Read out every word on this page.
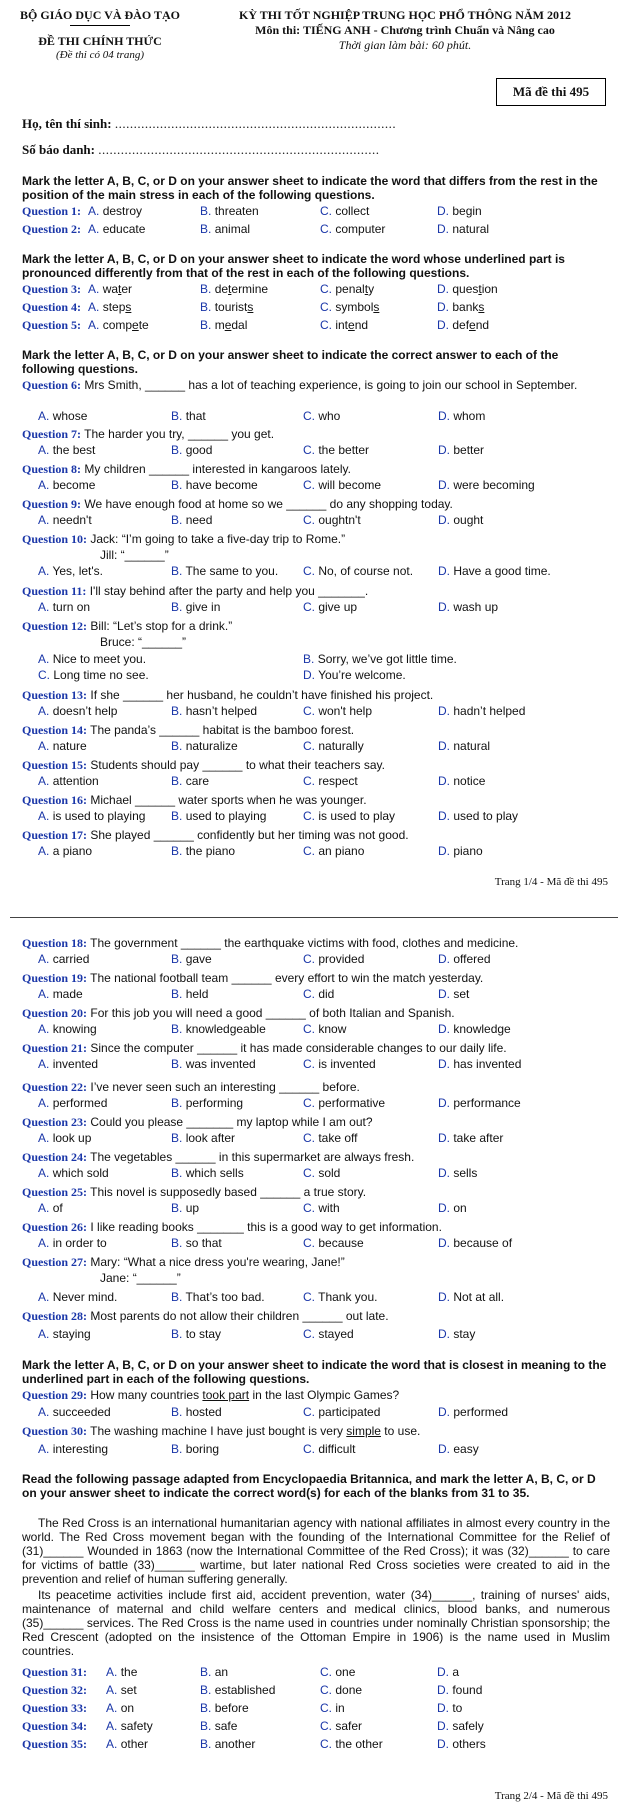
BỘ GIÁO DỤC VÀ ĐÀO TẠO
ĐỀ THI CHÍNH THỨC
(Đề thi có 04 trang)
KỲ THI TỐT NGHIỆP TRUNG HỌC PHỔ THÔNG NĂM 2012
Môn thi: TIẾNG ANH - Chương trình Chuẩn và Nâng cao
Thời gian làm bài: 60 phút.
Mã đề thi 495
Họ, tên thí sinh: ...........................................................................
Số báo danh: ...........................................................................
Mark the letter A, B, C, or D on your answer sheet to indicate the word that differs from the rest in the position of the main stress in each of the following questions.
Question 1: A. destroy	B. threaten	C. collect	D. begin
Question 2: A. educate	B. animal	C. computer	D. natural
Mark the letter A, B, C, or D on your answer sheet to indicate the word whose underlined part is pronounced differently from that of the rest in each of the following questions.
Question 3: A. water	B. determine	C. penalty	D. question
Question 4: A. steps	B. tourists	C. symbols	D. banks
Question 5: A. compete	B. medal	C. intend	D. defend
Mark the letter A, B, C, or D on your answer sheet to indicate the correct answer to each of the following questions.
Question 6: Mrs Smith, ______ has a lot of teaching experience, is going to join our school in September.
A. whose	B. that	C. who	D. whom
Question 7: The harder you try, ______ you get.
A. the best	B. good	C. the better	D. better
Question 8: My children ______ interested in kangaroos lately.
A. become	B. have become	C. will become	D. were becoming
Question 9: We have enough food at home so we ______ do any shopping today.
A. needn't	B. need	C. oughtn't	D. ought
Question 10: Jack: “I’m going to take a five-day trip to Rome.”
Jill: “______”
A. Yes, let's.	B. The same to you. C. No, of course not. D. Have a good time.
Question 11: I'll stay behind after the party and help you _______.
A. turn on	B. give in	C. give up	D. wash up
Question 12: Bill: “Let’s stop for a drink.”
Bruce: “______”
A. Nice to meet you.	B. Sorry, we’ve got little time.
C. Long time no see.	D. You’re welcome.
Question 13: If she ______ her husband, he couldn’t have finished his project.
A. doesn’t help	B. hasn’t helped	C. won't help	D. hadn’t helped
Question 14: The panda’s ______ habitat is the bamboo forest.
A. nature	B. naturalize	C. naturally	D. natural
Question 15: Students should pay ______ to what their teachers say.
A. attention	B. care	C. respect	D. notice
Question 16: Michael ______ water sports when he was younger.
A. is used to playing B. used to playing	C. is used to play	D. used to play
Question 17: She played ______ confidently but her timing was not good.
A. a piano	B. the piano	C. an piano	D. piano
Trang 1/4 - Mã đề thi 495
Question 18: The government ______ the earthquake victims with food, clothes and medicine.
A. carried	B. gave	C. provided	D. offered
Question 19: The national football team ______ every effort to win the match yesterday.
A. made	B. held	C. did	D. set
Question 20: For this job you will need a good ______ of both Italian and Spanish.
A. knowing	B. knowledgeable	C. know	D. knowledge
Question 21: Since the computer ______ it has made considerable changes to our daily life.
A. invented	B. was invented	C. is invented	D. has invented
Question 22: I’ve never seen such an interesting ______ before.
A. performed	B. performing	C. performative	D. performance
Question 23: Could you please _______ my laptop while I am out?
A. look up	B. look after	C. take off	D. take after
Question 24: The vegetables ______ in this supermarket are always fresh.
A. which sold	B. which sells	C. sold	D. sells
Question 25: This novel is supposedly based ______ a true story.
A. of	B. up	C. with	D. on
Question 26: I like reading books _______ this is a good way to get information.
A. in order to	B. so that	C. because	D. because of
Question 27: Mary: “What a nice dress you're wearing, Jane!”
Jane: “______”
A. Never mind.	B. That’s too bad.	C. Thank you.	D. Not at all.
Question 28: Most parents do not allow their children ______ out late.
A. staying	B. to stay	C. stayed	D. stay
Mark the letter A, B, C, or D on your answer sheet to indicate the word that is closest in meaning to the underlined part in each of the following questions.
Question 29: How many countries took part in the last Olympic Games?
A. succeeded	B. hosted	C. participated	D. performed
Question 30: The washing machine I have just bought is very simple to use.
A. interesting	B. boring	C. difficult	D. easy
Read the following passage adapted from Encyclopaedia Britannica, and mark the letter A, B, C, or D on your answer sheet to indicate the correct word(s) for each of the blanks from 31 to 35.
The Red Cross is an international humanitarian agency with national affiliates in almost every country in the world. The Red Cross movement began with the founding of the International Committee for the Relief of (31)______ Wounded in 1863 (now the International Committee of the Red Cross); it was (32)______ to care for victims of battle (33)______ wartime, but later national Red Cross societies were created to aid in the prevention and relief of human suffering generally.
Its peacetime activities include first aid, accident prevention, water (34)______, training of nurses' aids, maintenance of maternal and child welfare centers and medical clinics, blood banks, and numerous (35)______ services. The Red Cross is the name used in countries under nominally Christian sponsorship; the Red Crescent (adopted on the insistence of the Ottoman Empire in 1906) is the name used in Muslim countries.
Question 31: A. the	B. an	C. one	D. a
Question 32: A. set	B. established	C. done	D. found
Question 33: A. on	B. before	C. in	D. to
Question 34: A. safety	B. safe	C. safer	D. safely
Question 35: A. other	B. another	C. the other	D. others
Trang 2/4 - Mã đề thi 495
